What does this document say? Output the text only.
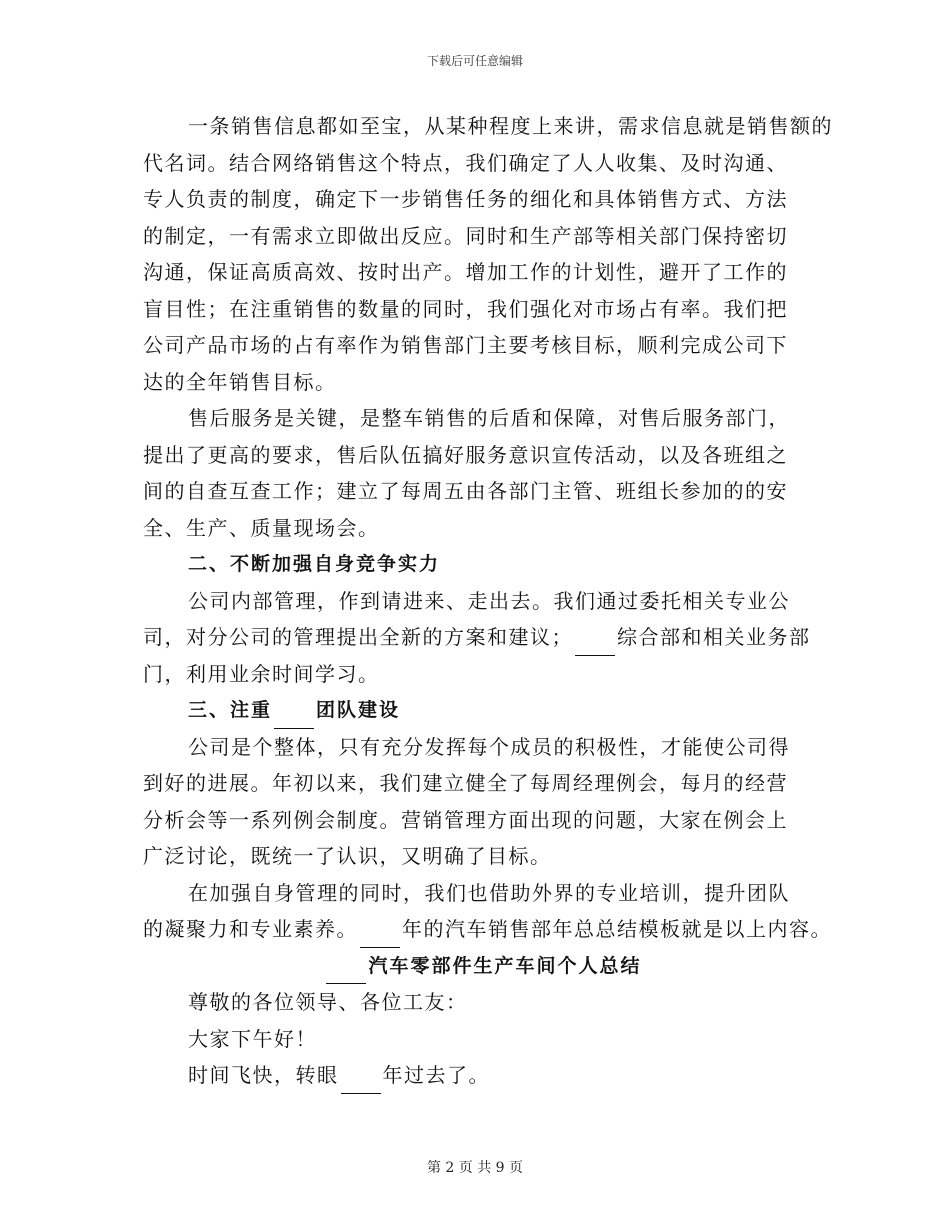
下载后可任意编辑
一条销售信息都如至宝，从某种程度上来讲，需求信息就是销售额的
代名词。结合网络销售这个特点，我们确定了人人收集、及时沟通、
专人负责的制度，确定下一步销售任务的细化和具体销售方式、方法
的制定，一有需求立即做出反应。同时和生产部等相关部门保持密切
沟通，保证高质高效、按时出产。增加工作的计划性，避开了工作的
盲目性；在注重销售的数量的同时，我们强化对市场占有率。我们把
公司产品市场的占有率作为销售部门主要考核目标，顺利完成公司下
达的全年销售目标。
售后服务是关键，是整车销售的后盾和保障，对售后服务部门，
提出了更高的要求，售后队伍搞好服务意识宣传活动，以及各班组之
间的自查互查工作；建立了每周五由各部门主管、班组长参加的的安
全、生产、质量现场会。
二、不断加强自身竞争实力
公司内部管理，作到请进来、走出去。我们通过委托相关专业公
司，对分公司的管理提出全新的方案和建议； 综合部和相关业务部
门，利用业余时间学习。
三、注重 团队建设
公司是个整体，只有充分发挥每个成员的积极性，才能使公司得
到好的进展。年初以来，我们建立健全了每周经理例会，每月的经营
分析会等一系列例会制度。营销管理方面出现的问题，大家在例会上
广泛讨论，既统一了认识，又明确了目标。
在加强自身管理的同时，我们也借助外界的专业培训，提升团队
的凝聚力和专业素养。 年的汽车销售部年总总结模板就是以上内容。
汽车零部件生产车间个人总结
尊敬的各位领导、各位工友：
大家下午好！
时间飞快，转眼 年过去了。
第 2 页 共 9 页
